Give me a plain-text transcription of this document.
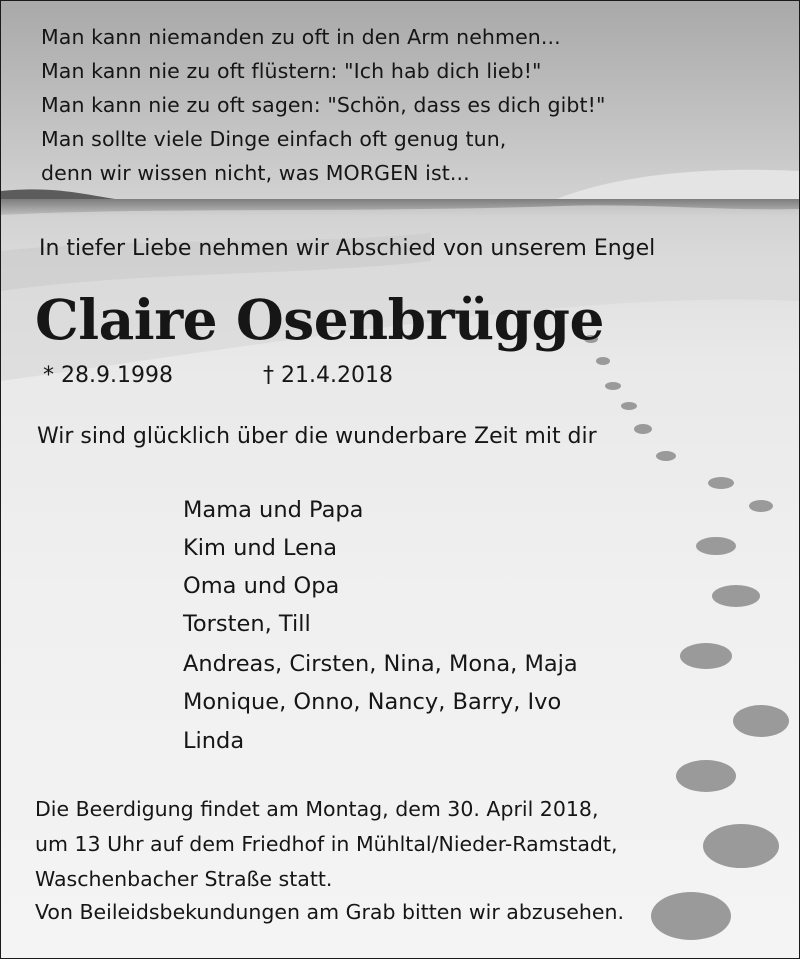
Man kann niemanden zu oft in den Arm nehmen...
Man kann nie zu oft flüstern: "Ich hab dich lieb!"
Man kann nie zu oft sagen: "Schön, dass es dich gibt!"
Man sollte viele Dinge einfach oft genug tun,
denn wir wissen nicht, was MORGEN ist...
In tiefer Liebe nehmen wir Abschied von unserem Engel
Claire Osenbrügge
* 28.9.1998	† 21.4.2018
Wir sind glücklich über die wunderbare Zeit mit dir
Mama und Papa
Kim und Lena
Oma und Opa
Torsten, Till
Andreas, Cirsten, Nina, Mona, Maja
Monique, Onno, Nancy, Barry, Ivo
Linda
Die Beerdigung findet am Montag, dem 30. April 2018,
um 13 Uhr auf dem Friedhof in Mühltal/Nieder-Ramstadt,
Waschenbacher Straße statt.
Von Beileidsbekundungen am Grab bitten wir abzusehen.
